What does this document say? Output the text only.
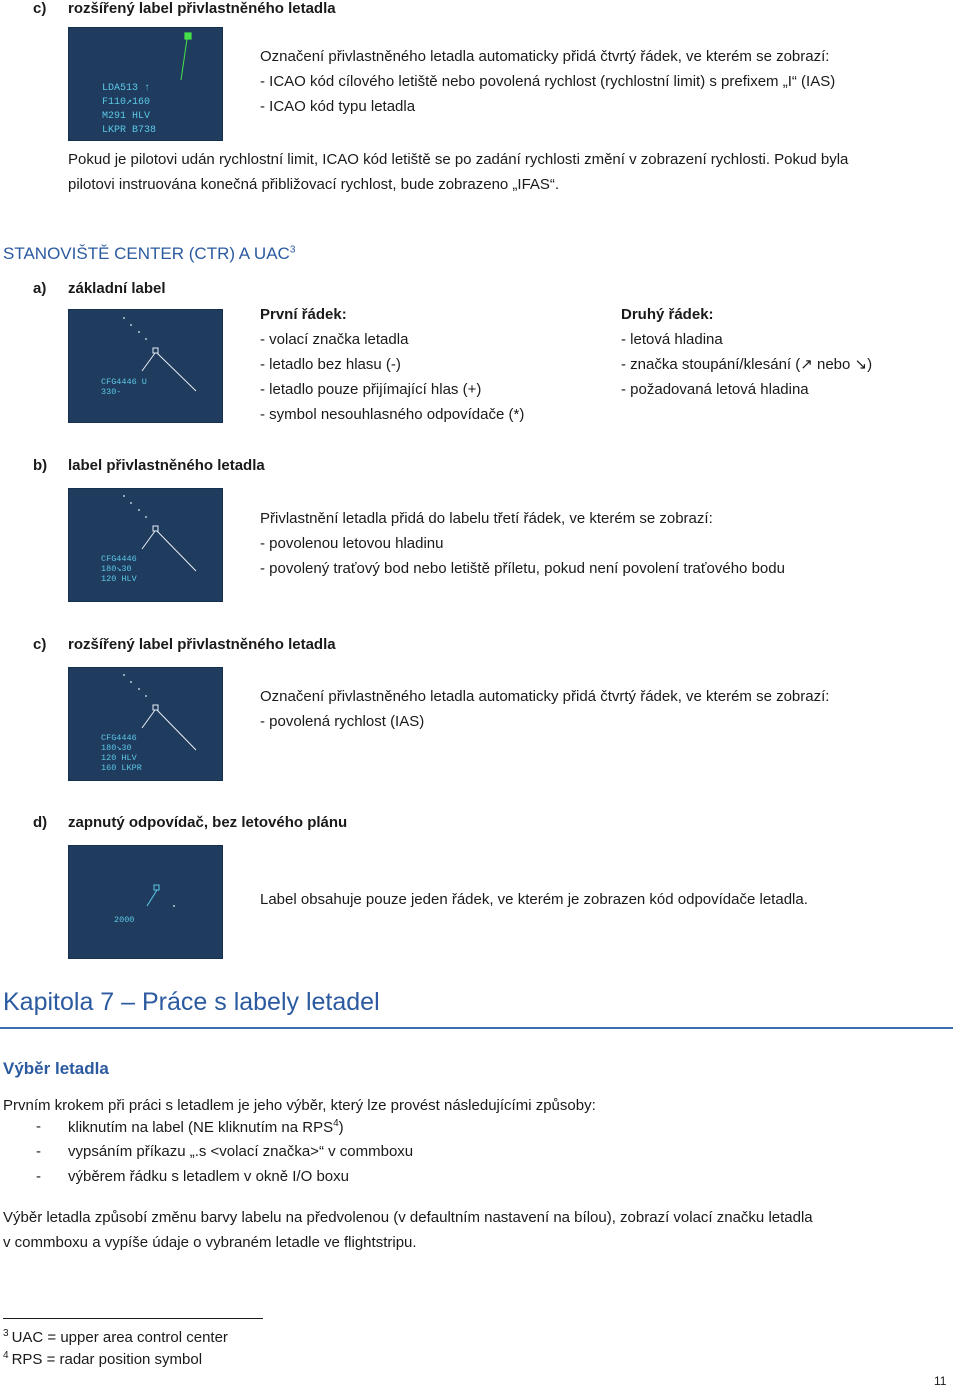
c) rozšířený label přivlastněného letadla
LDA513 ↑
F110↗160
M291 HLV
LKPR B738
Označení přivlastněného letadla automaticky přidá čtvrtý řádek, ve kterém se zobrazí:
- ICAO kód cílového letiště nebo povolená rychlost (rychlostní limit) s prefixem „I“ (IAS)
- ICAO kód typu letadla
Pokud je pilotovi udán rychlostní limit, ICAO kód letiště se po zadání rychlosti změní v zobrazení rychlosti. Pokud byla
pilotovi instruována konečná přibližovací rychlost, bude zobrazeno „IFAS“.
STANOVIŠTĚ CENTER (CTR) A UAC$^3$
a) základní label
CFG4446 U
330-
První řádek:
- volací značka letadla
- letadlo bez hlasu (-)
- letadlo pouze přijímající hlas (+)
- symbol nesouhlasného odpovídače (*)
Druhý řádek:
- letová hladina
- značka stoupání/klesání (↗ nebo ↘)
- požadovaná letová hladina
b) label přivlastněného letadla
CFG4446
180↘30
120 HLV
Přivlastnění letadla přidá do labelu třetí řádek, ve kterém se zobrazí:
- povolenou letovou hladinu
- povolený traťový bod nebo letiště příletu, pokud není povolení traťového bodu
c) rozšířený label přivlastněného letadla
CFG4446
180↘30
120 HLV
160 LKPR
Označení přivlastněného letadla automaticky přidá čtvrtý řádek, ve kterém se zobrazí:
- povolená rychlost (IAS)
d) zapnutý odpovídač, bez letového plánu
2000
Label obsahuje pouze jeden řádek, ve kterém je zobrazen kód odpovídače letadla.
Kapitola 7 – Práce s labely letadel
Výběr letadla
Prvním krokem při práci s letadlem je jeho výběr, který lze provést následujícími způsoby:
- kliknutím na label (NE kliknutím na RPS$^4$)
- vypsáním příkazu „.s <volací značka>“ v commboxu
- výběrem řádku s letadlem v okně I/O boxu
Výběr letadla způsobí změnu barvy labelu na předvolenou (v defaultním nastavení na bílou), zobrazí volací značku letadla
v commboxu a vypíše údaje o vybraném letadle ve flightstripu.
$^3$ UAC = upper area control center
$^4$ RPS = radar position symbol
11
